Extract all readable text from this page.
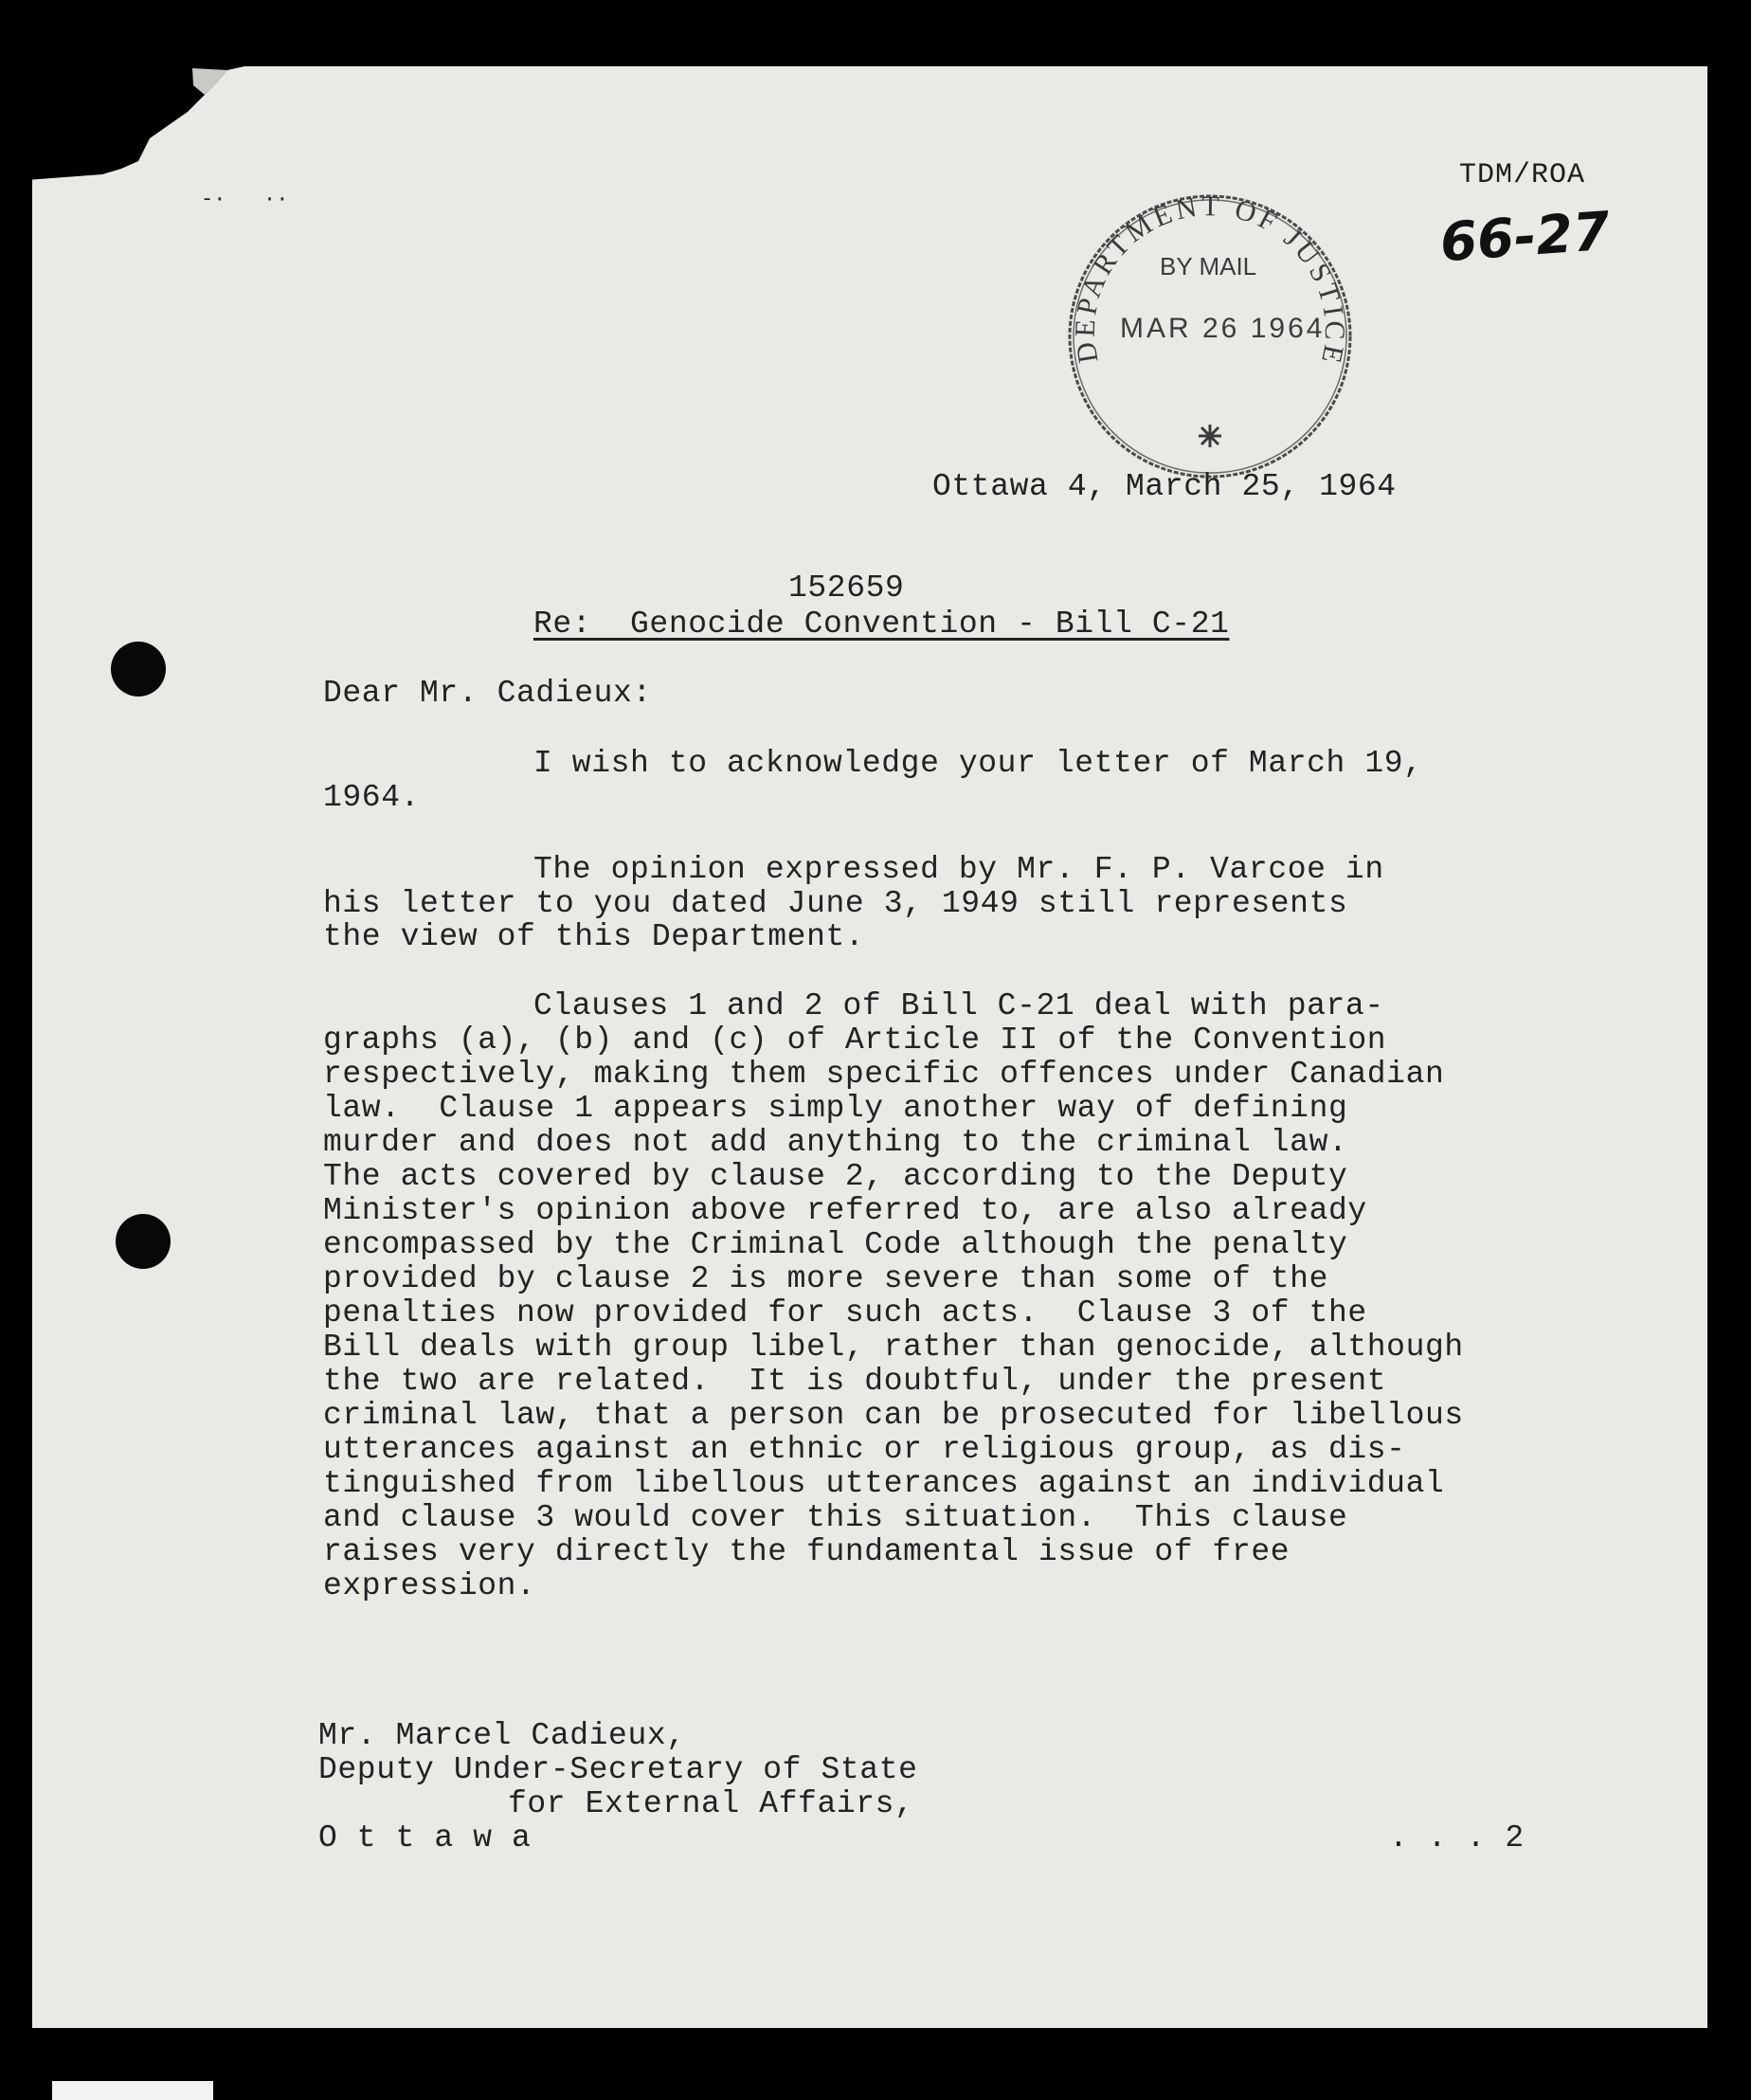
-·   ··
TDM/ROA
66-27
DEPARTMENT OF JUSTICE
BY MAIL
MAR 26 1964
Ottawa 4, March 25, 1964
152659
Re:  Genocide Convention - Bill C-21
Dear Mr. Cadieux:
I wish to acknowledge your letter of March 19,
1964.
The opinion expressed by Mr. F. P. Varcoe in
his letter to you dated June 3, 1949 still represents
the view of this Department.
Clauses 1 and 2 of Bill C-21 deal with para-
graphs (a), (b) and (c) of Article II of the Convention
respectively, making them specific offences under Canadian
law.  Clause 1 appears simply another way of defining
murder and does not add anything to the criminal law.
The acts covered by clause 2, according to the Deputy
Minister's opinion above referred to, are also already
encompassed by the Criminal Code although the penalty
provided by clause 2 is more severe than some of the
penalties now provided for such acts.  Clause 3 of the
Bill deals with group libel, rather than genocide, although
the two are related.  It is doubtful, under the present
criminal law, that a person can be prosecuted for libellous
utterances against an ethnic or religious group, as dis-
tinguished from libellous utterances against an individual
and clause 3 would cover this situation.  This clause
raises very directly the fundamental issue of free
expression.
Mr. Marcel Cadieux,
Deputy Under-Secretary of State
for External Affairs,
O t t a w a	. . . 2
